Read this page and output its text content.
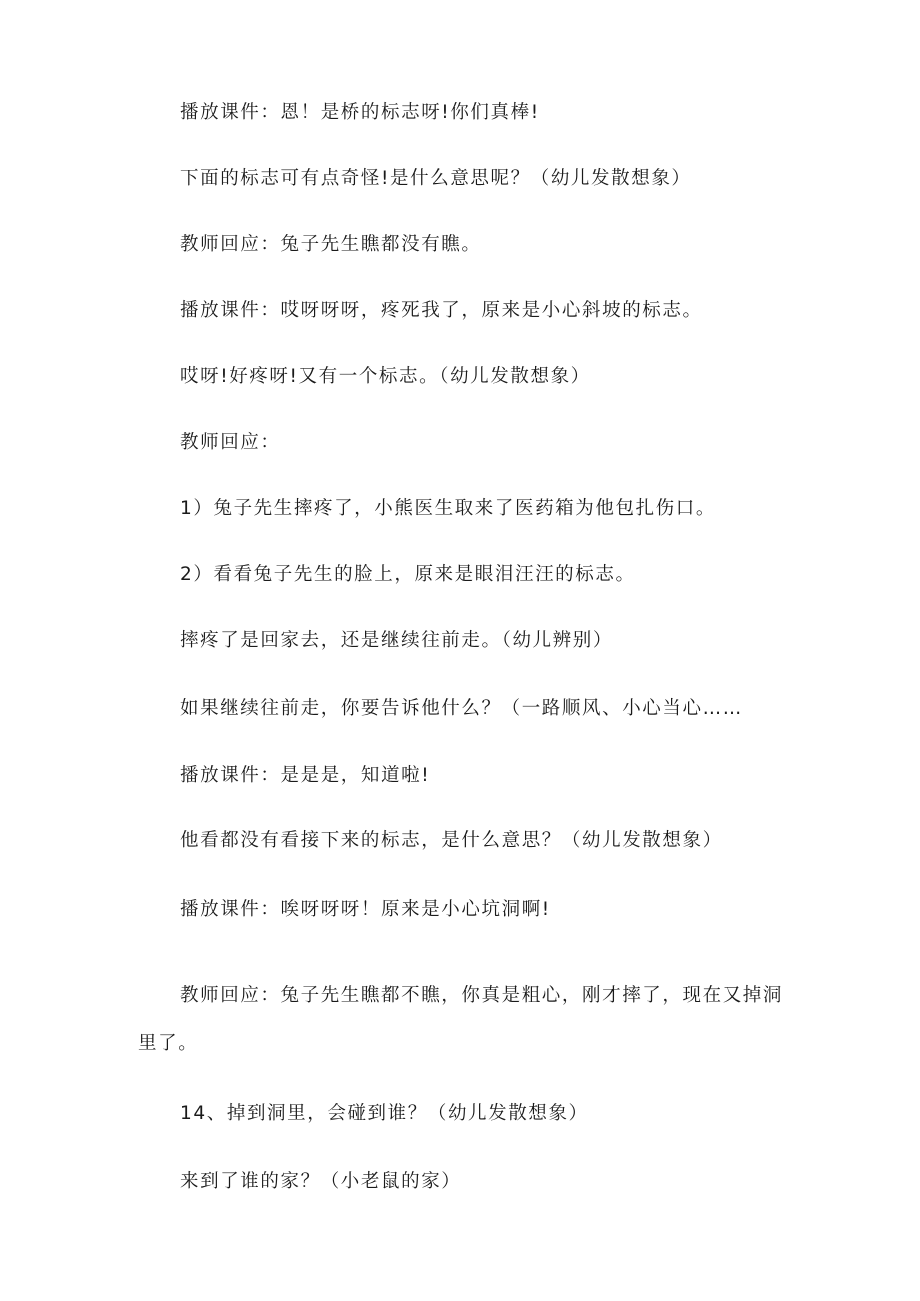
播放课件：恩！是桥的标志呀!你们真棒!
下面的标志可有点奇怪!是什么意思呢？（幼儿发散想象）
教师回应：兔子先生瞧都没有瞧。
播放课件：哎呀呀呀，疼死我了，原来是小心斜坡的标志。
哎呀!好疼呀!又有一个标志。（幼儿发散想象）
教师回应：
1）兔子先生摔疼了，小熊医生取来了医药箱为他包扎伤口。
2）看看兔子先生的脸上，原来是眼泪汪汪的标志。
摔疼了是回家去，还是继续往前走。（幼儿辨别）
如果继续往前走，你要告诉他什么？（一路顺风、小心当心……
播放课件：是是是，知道啦!
他看都没有看接下来的标志，是什么意思？（幼儿发散想象）
播放课件：唉呀呀呀！原来是小心坑洞啊!
教师回应：兔子先生瞧都不瞧，你真是粗心，刚才摔了，现在又掉洞
里了。
14、掉到洞里，会碰到谁？（幼儿发散想象）
来到了谁的家？（小老鼠的家）
